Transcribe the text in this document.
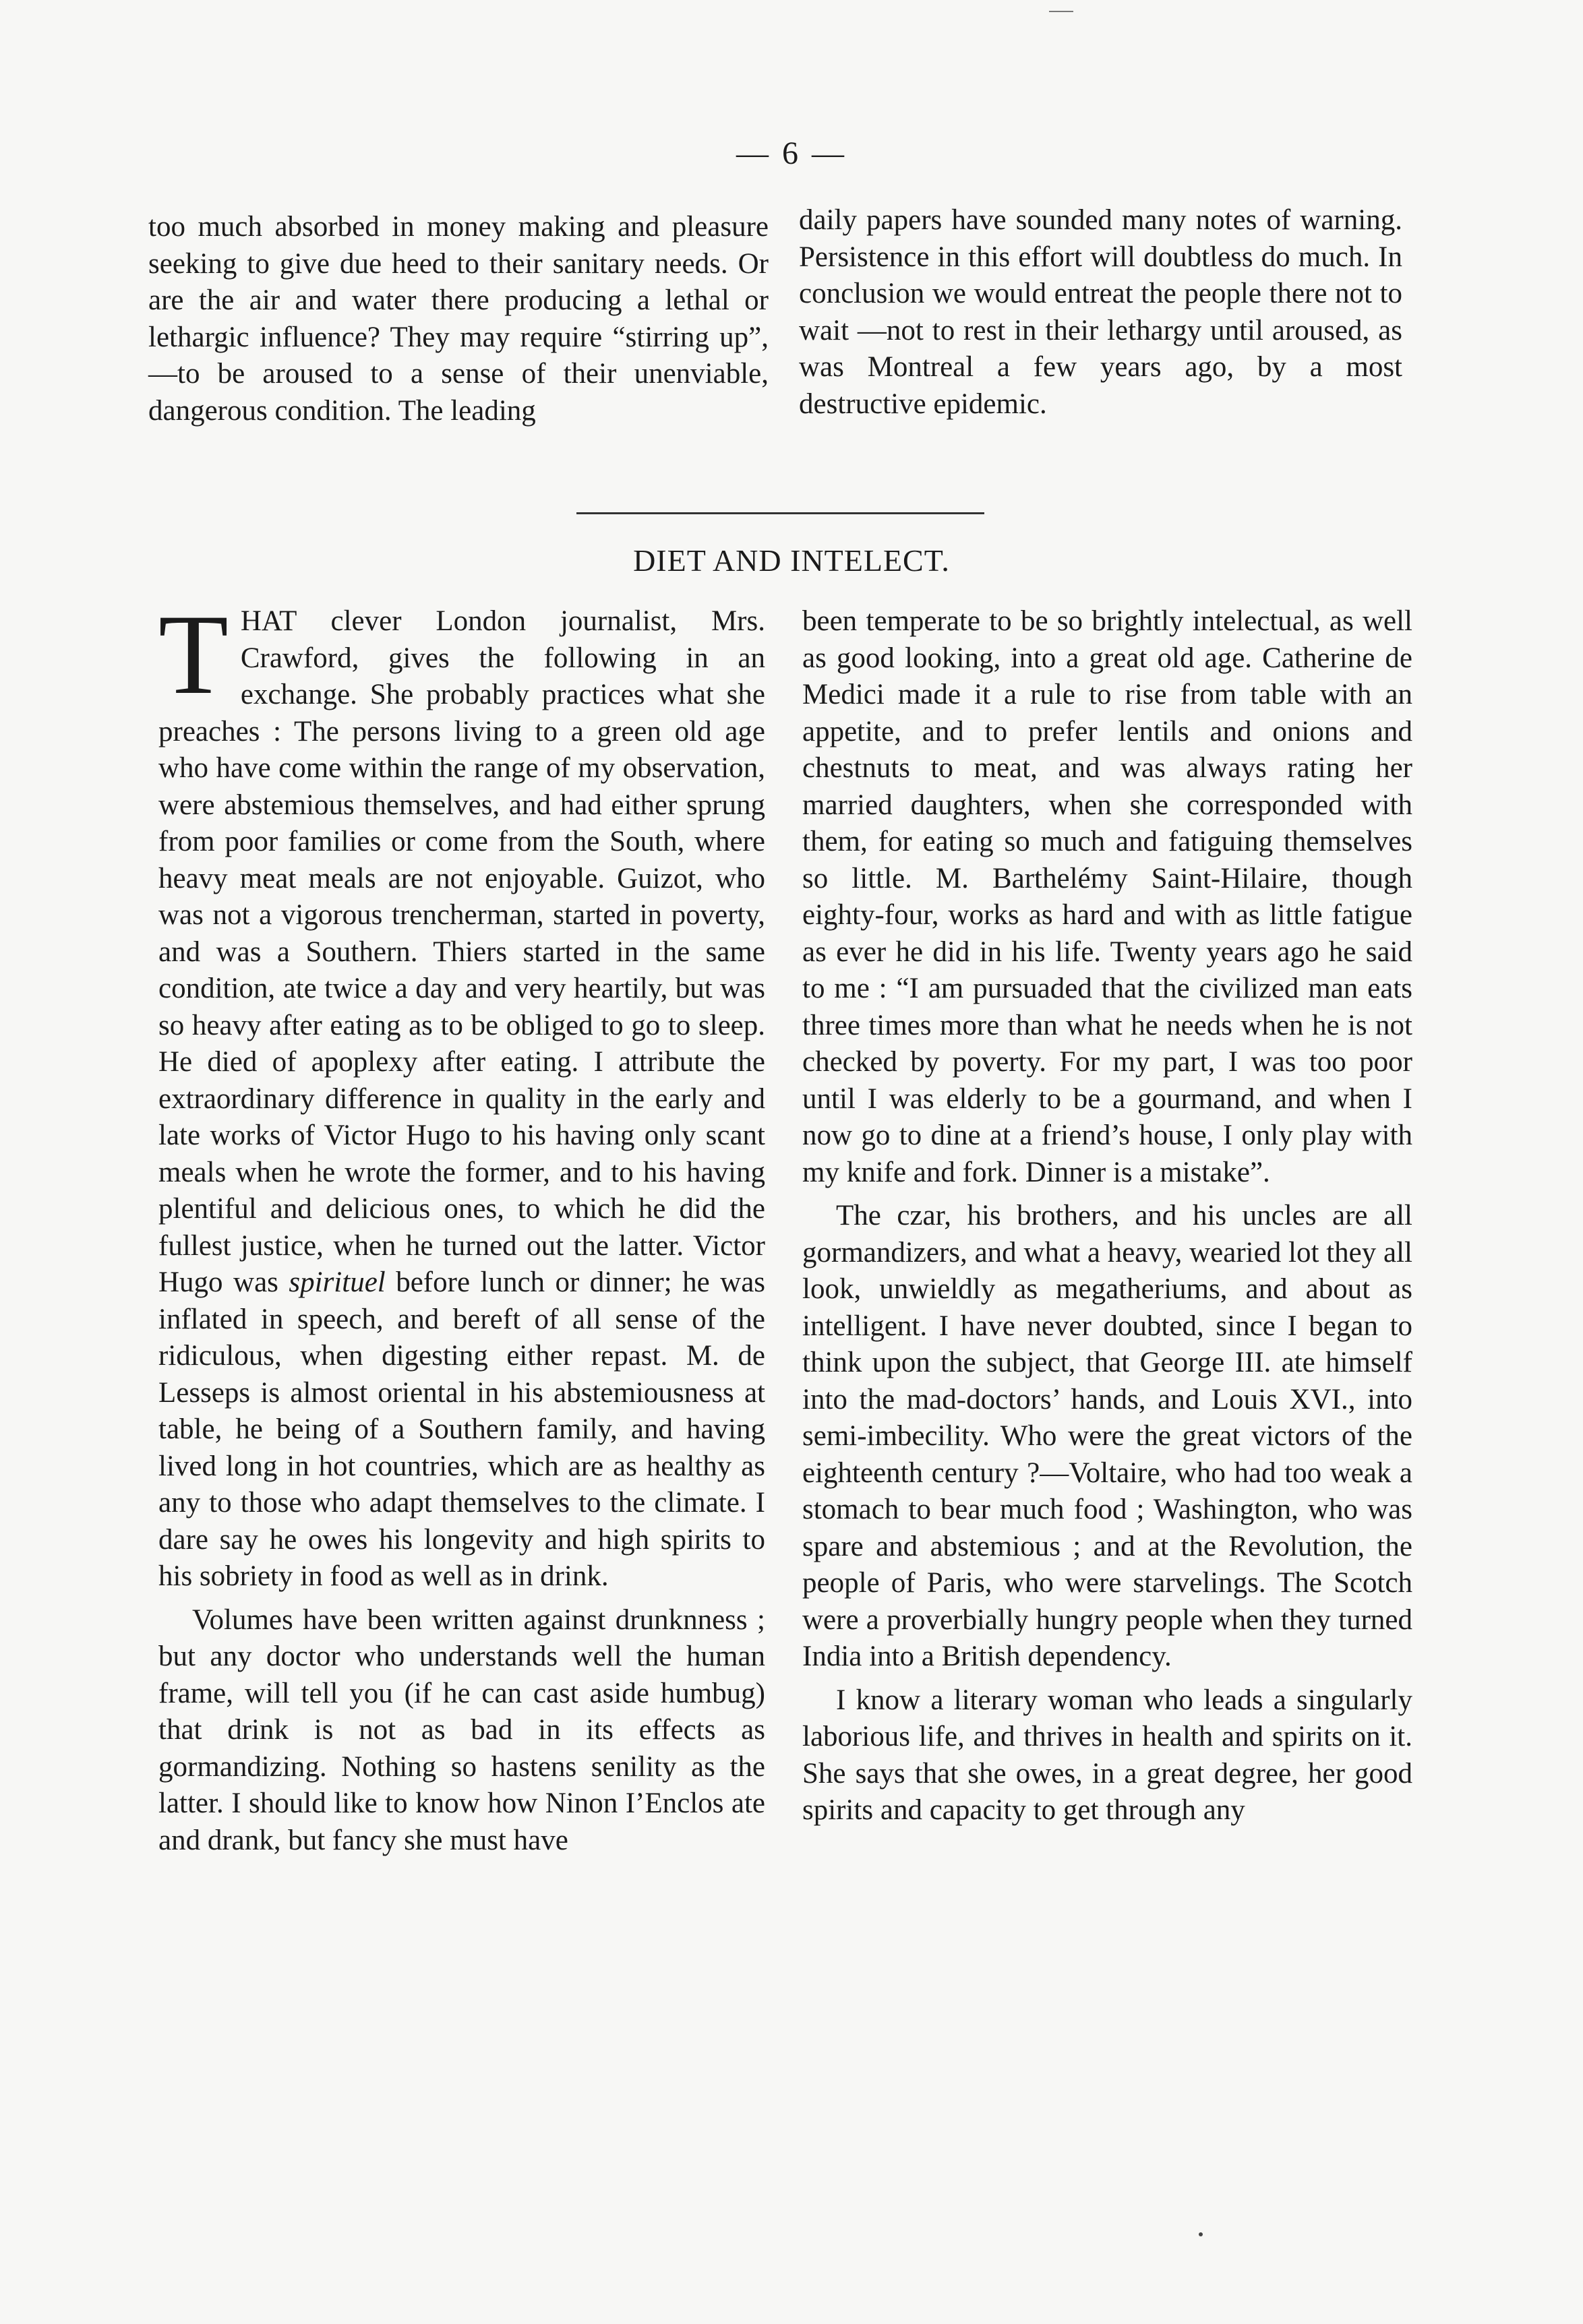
— 6 —

too much absorbed in money making and pleasure seeking to give due heed to their sanitary needs. Or are the air and water there producing a lethal or lethargic influence? They may require “stirring up”, —to be aroused to a sense of their unenviable, dangerous condition. The leading

daily papers have sounded many notes of warning. Persistence in this effort will doubtless do much. In conclusion we would entreat the people there not to wait —not to rest in their lethargy until aroused, as was Montreal a few years ago, by a most destructive epidemic.

DIET AND INTELECT.

THAT clever London journalist, Mrs. Crawford, gives the following in an exchange. She probably practices what she preaches : The persons living to a green old age who have come within the range of my observation, were abstemious themselves, and had either sprung from poor families or come from the South, where heavy meat meals are not enjoyable. Guizot, who was not a vigorous trencherman, started in poverty, and was a Southern. Thiers started in the same condition, ate twice a day and very heartily, but was so heavy after eating as to be obliged to go to sleep. He died of apoplexy after eating. I attribute the extraordinary difference in quality in the early and late works of Victor Hugo to his having only scant meals when he wrote the former, and to his having plentiful and delicious ones, to which he did the fullest justice, when he turned out the latter. Victor Hugo was spirituel before lunch or dinner; he was inflated in speech, and bereft of all sense of the ridiculous, when digesting either repast. M. de Lesseps is almost oriental in his abstemiousness at table, he being of a Southern family, and having lived long in hot countries, which are as healthy as any to those who adapt themselves to the climate. I dare say he owes his longevity and high spirits to his sobriety in food as well as in drink.

Volumes have been written against drunknness ; but any doctor who understands well the human frame, will tell you (if he can cast aside humbug) that drink is not as bad in its effects as gormandizing. Nothing so hastens senility as the latter. I should like to know how Ninon I’Enclos ate and drank, but fancy she must have

been temperate to be so brightly intelectual, as well as good looking, into a great old age. Catherine de Medici made it a rule to rise from table with an appetite, and to prefer lentils and onions and chestnuts to meat, and was always rating her married daughters, when she corresponded with them, for eating so much and fatiguing themselves so little. M. Barthelémy Saint-Hilaire, though eighty-four, works as hard and with as little fatigue as ever he did in his life. Twenty years ago he said to me : “I am pursuaded that the civilized man eats three times more than what he needs when he is not checked by poverty. For my part, I was too poor until I was elderly to be a gourmand, and when I now go to dine at a friend’s house, I only play with my knife and fork. Dinner is a mistake”.

The czar, his brothers, and his uncles are all gormandizers, and what a heavy, wearied lot they all look, unwieldly as megatheriums, and about as intelligent. I have never doubted, since I began to think upon the subject, that George III. ate himself into the mad-doctors’ hands, and Louis XVI., into semi-imbecility. Who were the great victors of the eighteenth century ?—Voltaire, who had too weak a stomach to bear much food ; Washington, who was spare and abstemious ; and at the Revolution, the people of Paris, who were starvelings. The Scotch were a proverbially hungry people when they turned India into a British dependency.

I know a literary woman who leads a singularly laborious life, and thrives in health and spirits on it. She says that she owes, in a great degree, her good spirits and capacity to get through any
